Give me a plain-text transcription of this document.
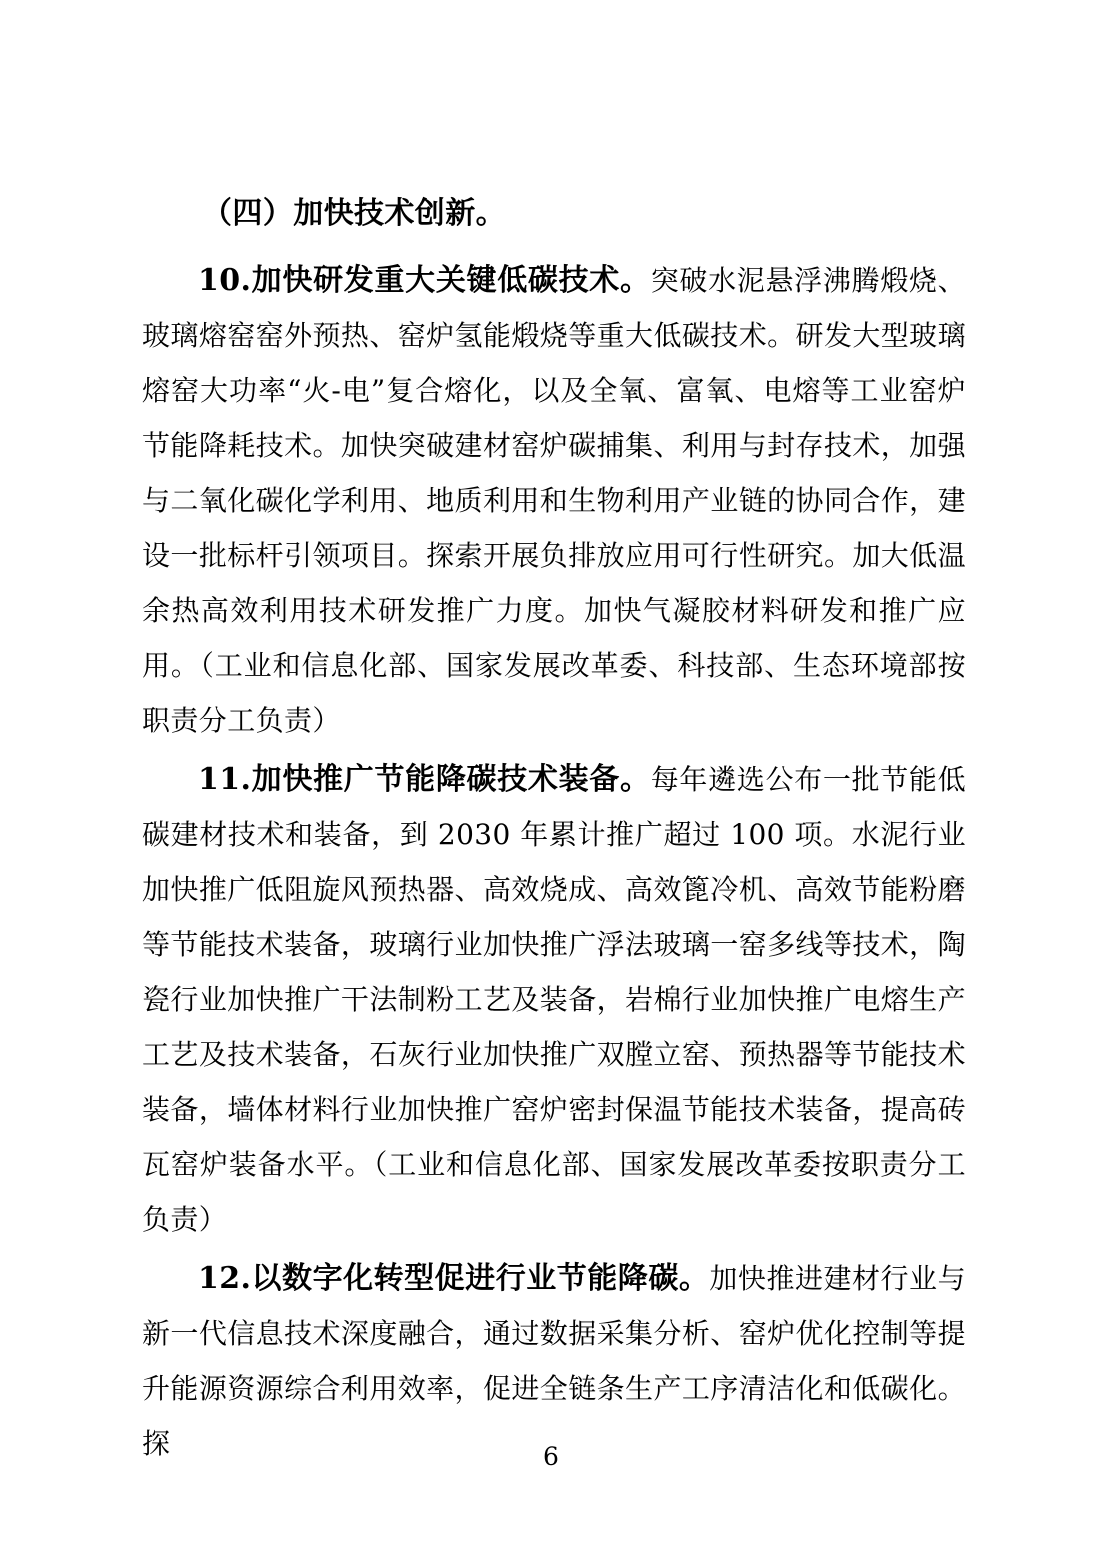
（四）加快技术创新。

10.加快研发重大关键低碳技术。突破水泥悬浮沸腾煅烧、玻璃熔窑窑外预热、窑炉氢能煅烧等重大低碳技术。研发大型玻璃熔窑大功率“火-电”复合熔化，以及全氧、富氧、电熔等工业窑炉节能降耗技术。加快突破建材窑炉碳捕集、利用与封存技术，加强与二氧化碳化学利用、地质利用和生物利用产业链的协同合作，建设一批标杆引领项目。探索开展负排放应用可行性研究。加大低温余热高效利用技术研发推广力度。加快气凝胶材料研发和推广应用。（工业和信息化部、国家发展改革委、科技部、生态环境部按职责分工负责）

11.加快推广节能降碳技术装备。每年遴选公布一批节能低碳建材技术和装备，到 2030 年累计推广超过 100 项。水泥行业加快推广低阻旋风预热器、高效烧成、高效篦冷机、高效节能粉磨等节能技术装备，玻璃行业加快推广浮法玻璃一窑多线等技术，陶瓷行业加快推广干法制粉工艺及装备，岩棉行业加快推广电熔生产工艺及技术装备，石灰行业加快推广双膛立窑、预热器等节能技术装备，墙体材料行业加快推广窑炉密封保温节能技术装备，提高砖瓦窑炉装备水平。（工业和信息化部、国家发展改革委按职责分工负责）

12.以数字化转型促进行业节能降碳。加快推进建材行业与新一代信息技术深度融合，通过数据采集分析、窑炉优化控制等提升能源资源综合利用效率，促进全链条生产工序清洁化和低碳化。探	6
